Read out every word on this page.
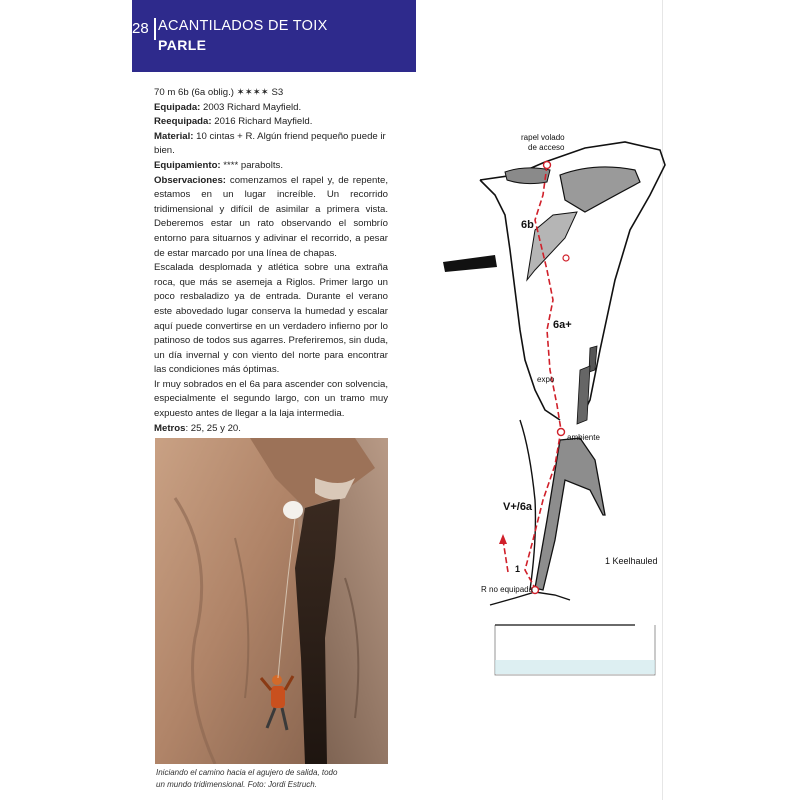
28 ACANTILADOS DE TOIX
PARLE

70 m 6b (6a oblig.) ✶✶✶✶ S3

Equipada: 2003 Richard Mayfield.

Reequipada: 2016 Richard Mayfield.

Material: 10 cintas + R. Algún friend pequeño puede ir bien.

Equipamiento: **** parabolts.

Observaciones: comenzamos el rapel y, de repente, estamos en un lugar increíble. Un recorrido tridimensional y difícil de asimilar a primera vista. Deberemos estar un rato observando el sombrío entorno para situarnos y adivinar el recorrido, a pesar de estar marcado por una línea de chapas.

Escalada desplomada y atlética sobre una extraña roca, que más se asemeja a Riglos. Primer largo un poco resbaladizo ya de entrada. Durante el verano este abovedado lugar conserva la humedad y escalar aquí puede convertirse en un verdadero infierno por lo patinoso de todos sus agarres. Preferiremos, sin duda, un día invernal y con viento del norte para encontrar las condiciones más óptimas.

Ir muy sobrados en el 6a para ascender con solvencia, especialmente el segundo largo, con un tramo muy expuesto antes de llegar a la laja intermedia.

Metros: 25, 25 y 20.

Iniciando el camino hacia el agujero de salida, todo
un mundo tridimensional. Foto: Jordi Estruch.
rapel volado
de acceso
6b
6a+
V+/6a
expo
ambiente
1
R no equipada
1 Keelhauled
